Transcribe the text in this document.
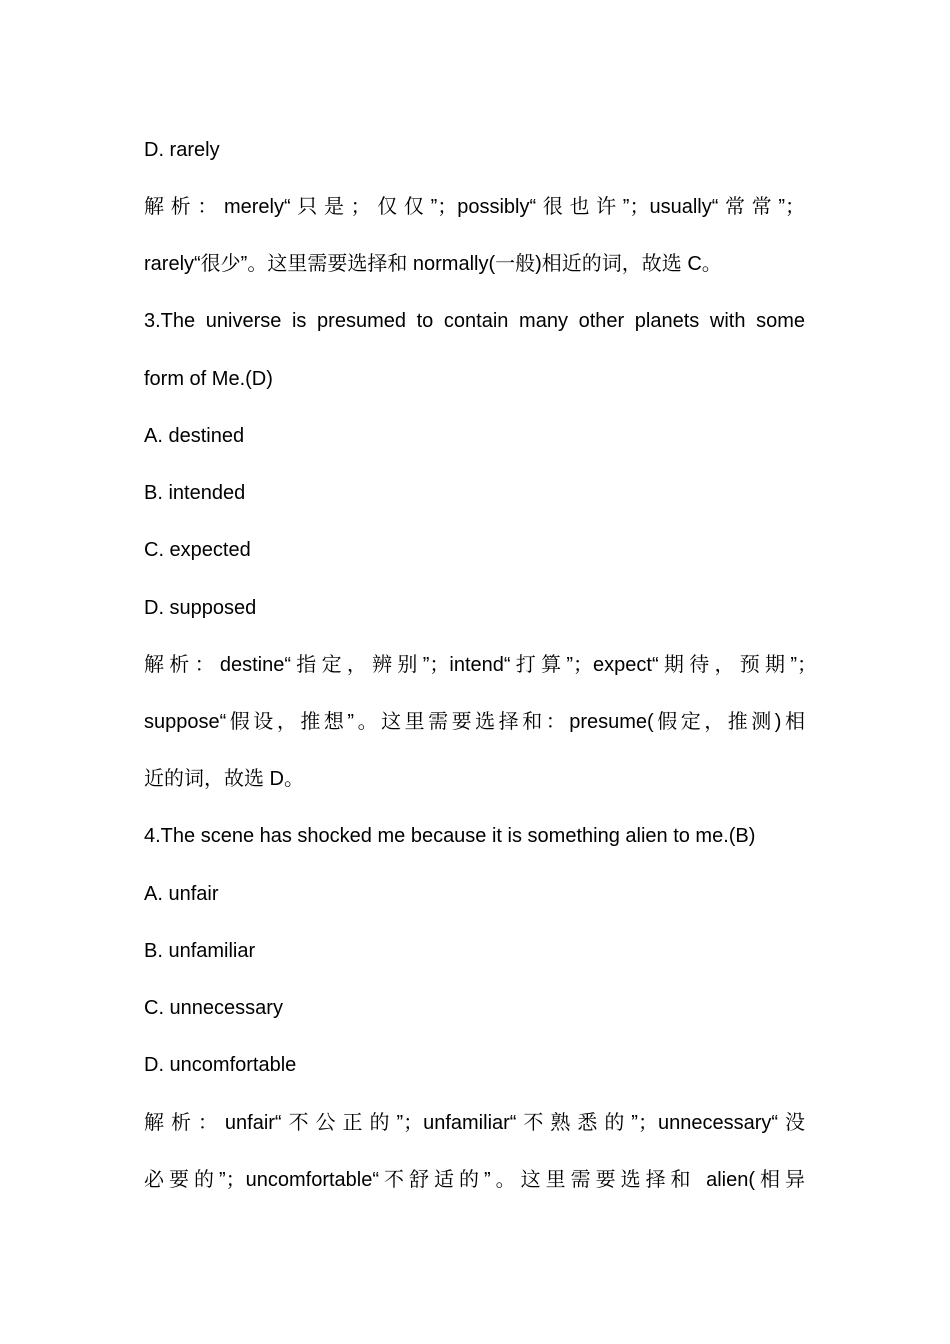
D. rarely
解析：merely“只是；仅仅”；possibly“很也许”；usually“常常”；
rarely“很少”。这里需要选择和 normally(一般)相近的词，故选 C。
3.The universe is presumed to contain many other planets with some
form of Me.(D)
A. destined
B. intended
C. expected
D. supposed
解析：destine“指定，辨别”；intend“打算”；expect“期待，预期”；
suppose“假设，推想”。这里需要选择和：presume(假定，推测)相
近的词，故选 D。
4.The scene has shocked me because it is something alien to me.(B)
A. unfair
B. unfamiliar
C. unnecessary
D. uncomfortable
解析：unfair“不公正的”；unfamiliar“不熟悉的”；unnecessary“没
必要的”；uncomfortable“不舒适的”。这里需要选择和 alien(相异
